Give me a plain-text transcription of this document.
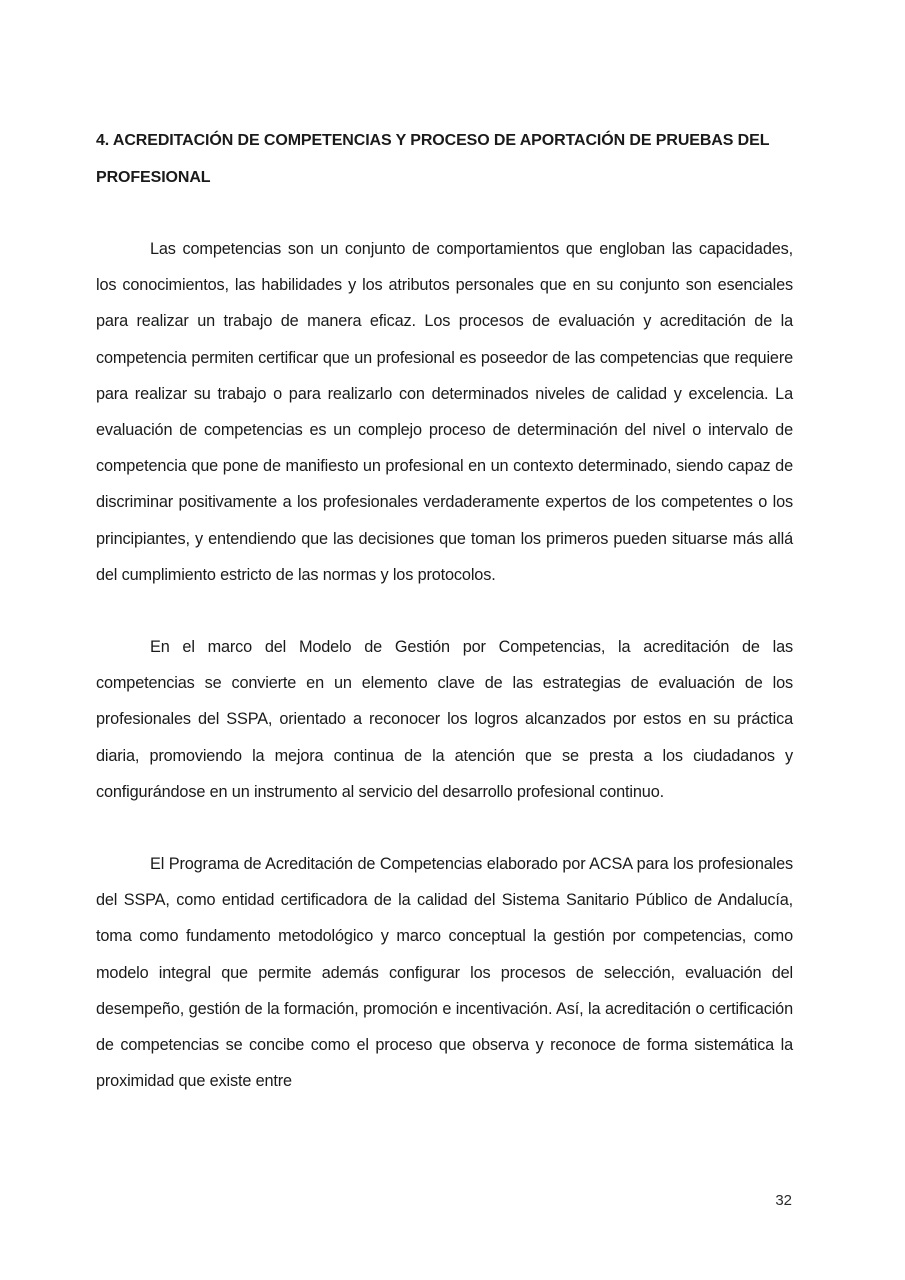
4. ACREDITACIÓN DE COMPETENCIAS Y PROCESO DE APORTACIÓN DE PRUEBAS DEL PROFESIONAL

Las competencias son un conjunto de comportamientos que engloban las capacidades, los conocimientos, las habilidades y los atributos personales que en su conjunto son esenciales para realizar un trabajo de manera eficaz. Los procesos de evaluación y acreditación de la competencia permiten certificar que un profesional es poseedor de las competencias que requiere para realizar su trabajo o para realizarlo con determinados niveles de calidad y excelencia. La evaluación de competencias es un complejo proceso de determinación del nivel o intervalo de competencia que pone de manifiesto un profesional en un contexto determinado, siendo capaz de discriminar positivamente a los profesionales verdaderamente expertos de los competentes o los principiantes, y entendiendo que las decisiones que toman los primeros pueden situarse más allá del cumplimiento estricto de las normas y los protocolos.

En el marco del Modelo de Gestión por Competencias, la acreditación de las competencias se convierte en un elemento clave de las estrategias de evaluación de los profesionales del SSPA, orientado a reconocer los logros alcanzados por estos en su práctica diaria, promoviendo la mejora continua de la atención que se presta a los ciudadanos y configurándose en un instrumento al servicio del desarrollo profesional continuo.

El Programa de Acreditación de Competencias elaborado por ACSA para los profesionales del SSPA, como entidad certificadora de la calidad del Sistema Sanitario Público de Andalucía, toma como fundamento metodológico y marco conceptual la gestión por competencias, como modelo integral que permite además configurar los procesos de selección, evaluación del desempeño, gestión de la formación, promoción e incentivación. Así, la acreditación o certificación de competencias se concibe como el proceso que observa y reconoce de forma sistemática la proximidad que existe entre

32
